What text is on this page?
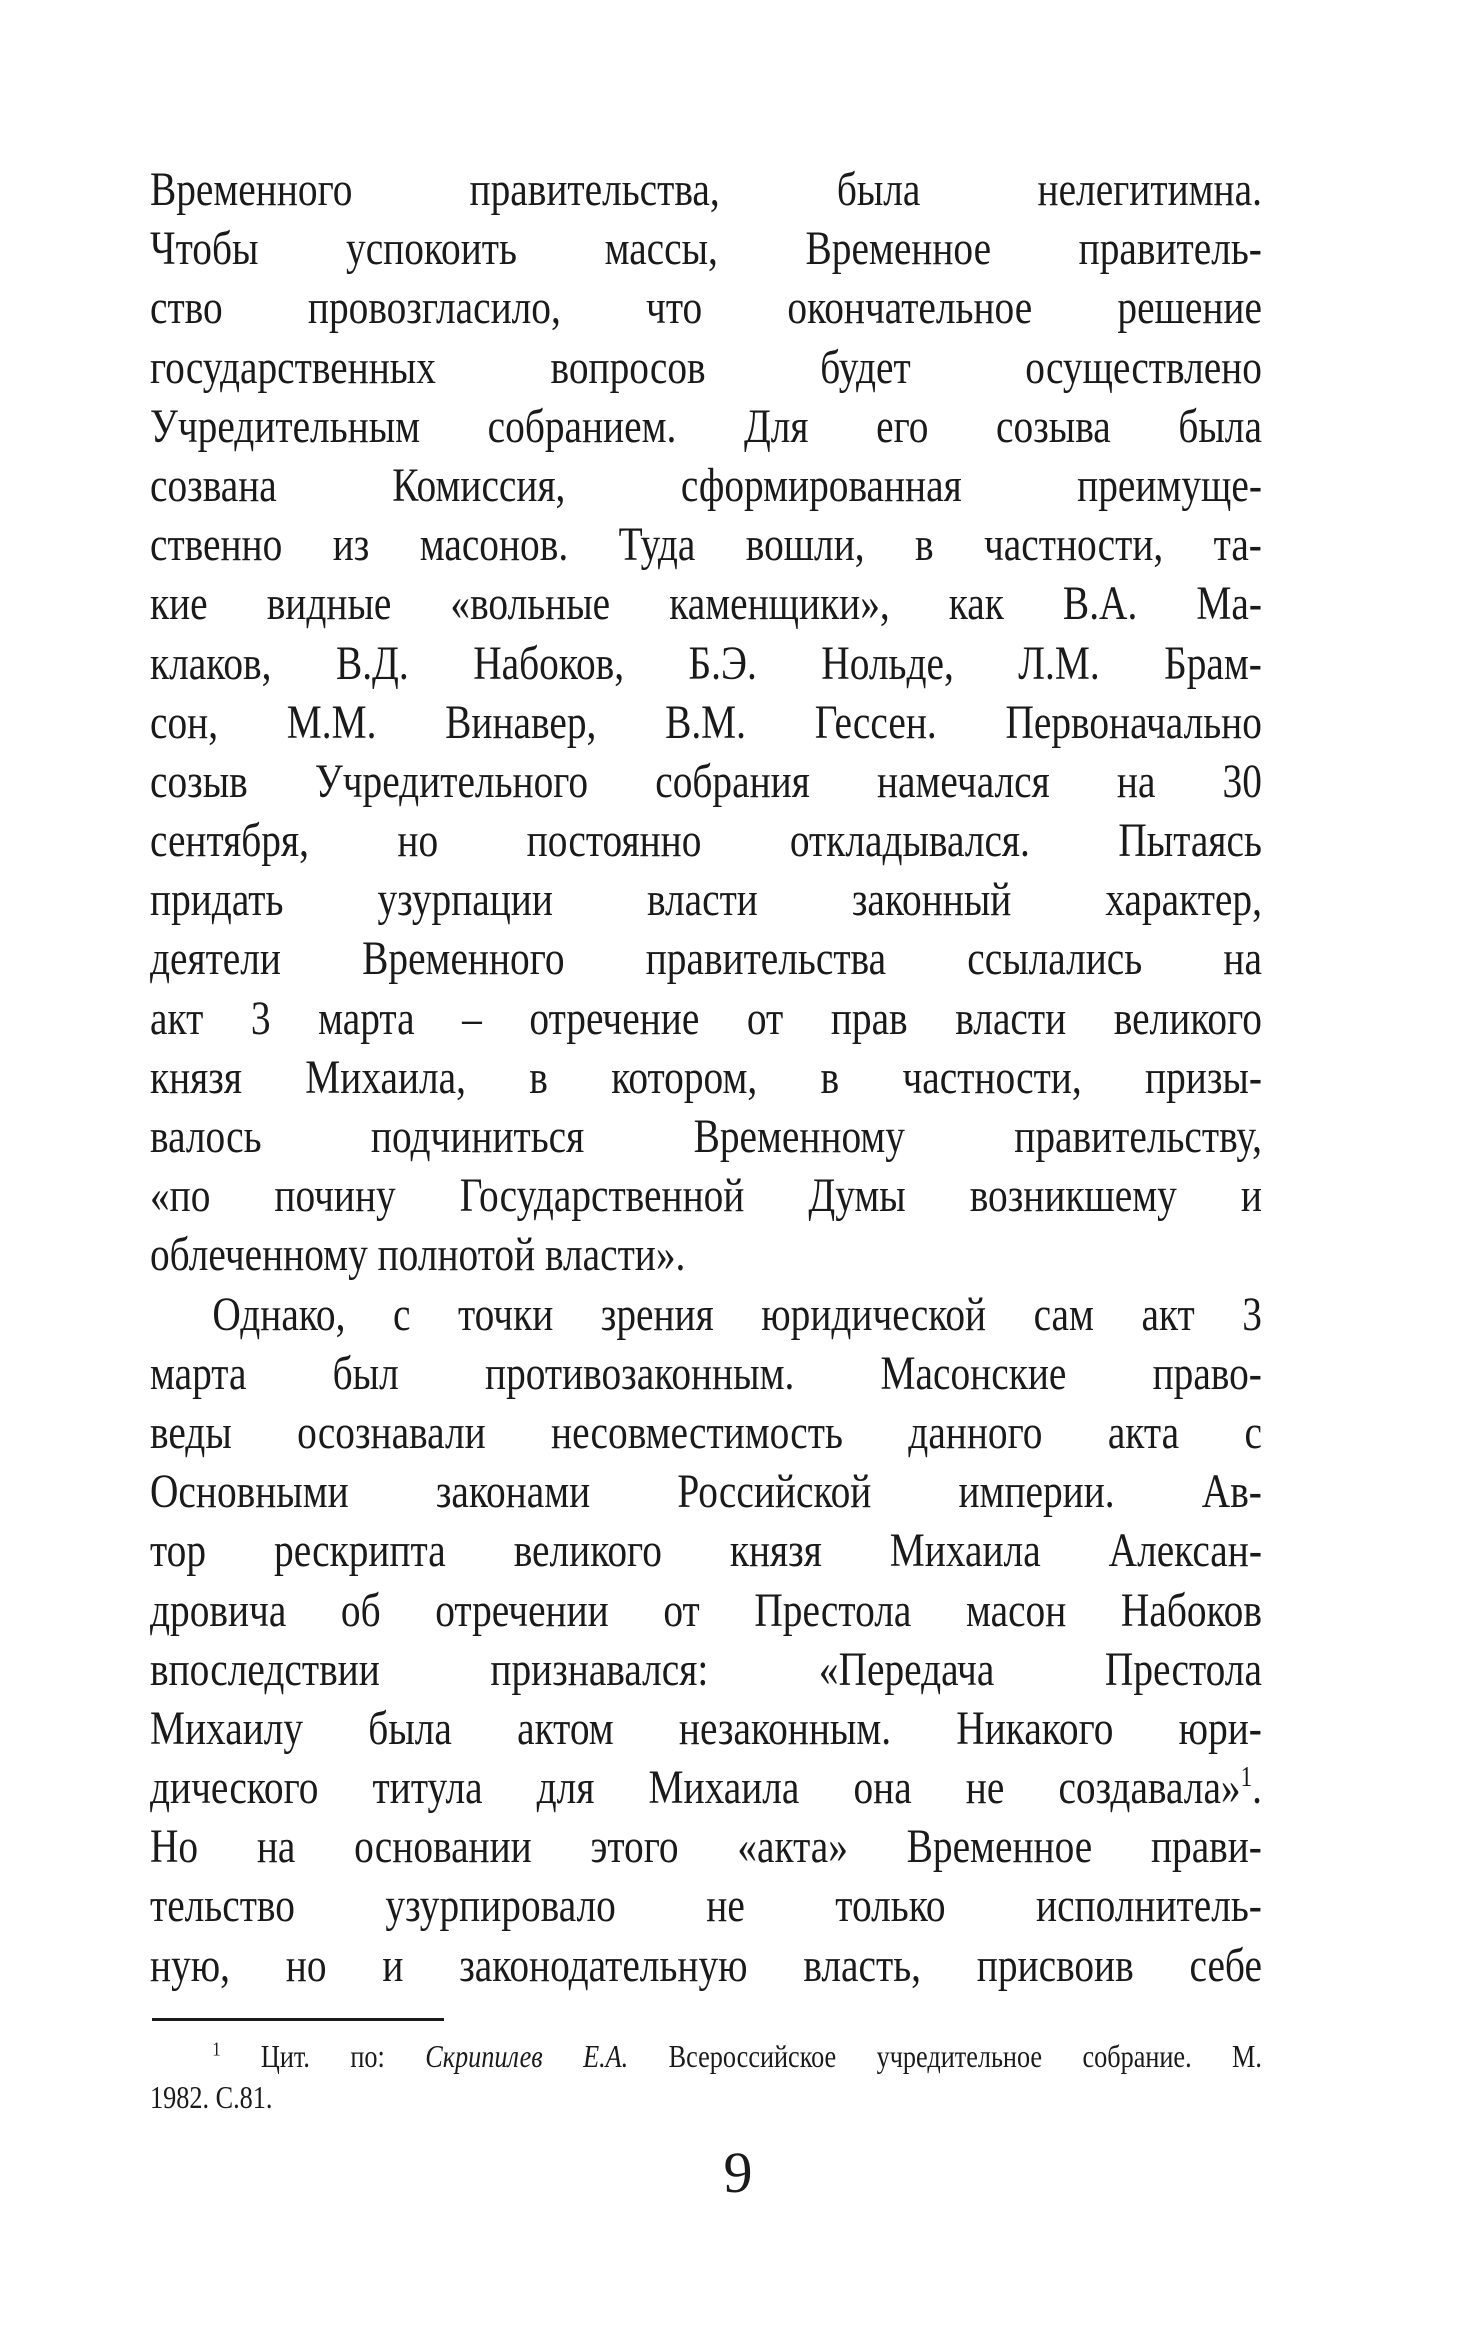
Временного правительства, была нелегитимна.
Чтобы успокоить массы, Временное правитель-
ство провозгласило, что окончательное решение
государственных вопросов будет осуществлено
Учредительным собранием. Для его созыва была
созвана Комиссия, сформированная преимуще-
ственно из масонов. Туда вошли, в частности, та-
кие видные «вольные каменщики», как В.А. Ма-
клаков, В.Д. Набоков, Б.Э. Нольде, Л.М. Брам-
сон, М.М. Винавер, В.М. Гессен. Первоначально
созыв Учредительного собрания намечался на 30
сентября, но постоянно откладывался. Пытаясь
придать узурпации власти законный характер,
деятели Временного правительства ссылались на
акт 3 марта – отречение от прав власти великого
князя Михаила, в котором, в частности, призы-
валось подчиниться Временному правительству,
«по почину Государственной Думы возникшему и
облеченному полнотой власти».
Однако, с точки зрения юридической сам акт 3
марта был противозаконным. Масонские право-
веды осознавали несовместимость данного акта с
Основными законами Российской империи. Ав-
тор рескрипта великого князя Михаила Алексан-
дровича об отречении от Престола масон Набоков
впоследствии признавался: «Передача Престола
Михаилу была актом незаконным. Никакого юри-
дического титула для Михаила она не создавала»$^1$.
Но на основании этого «акта» Временное прави-
тельство узурпировало не только исполнитель-
ную, но и законодательную власть, присвоив себе
$^1$ Цит. по: Скрипилев Е.А. Всероссийское учредительное собрание. М.
1982. С.81.
9
